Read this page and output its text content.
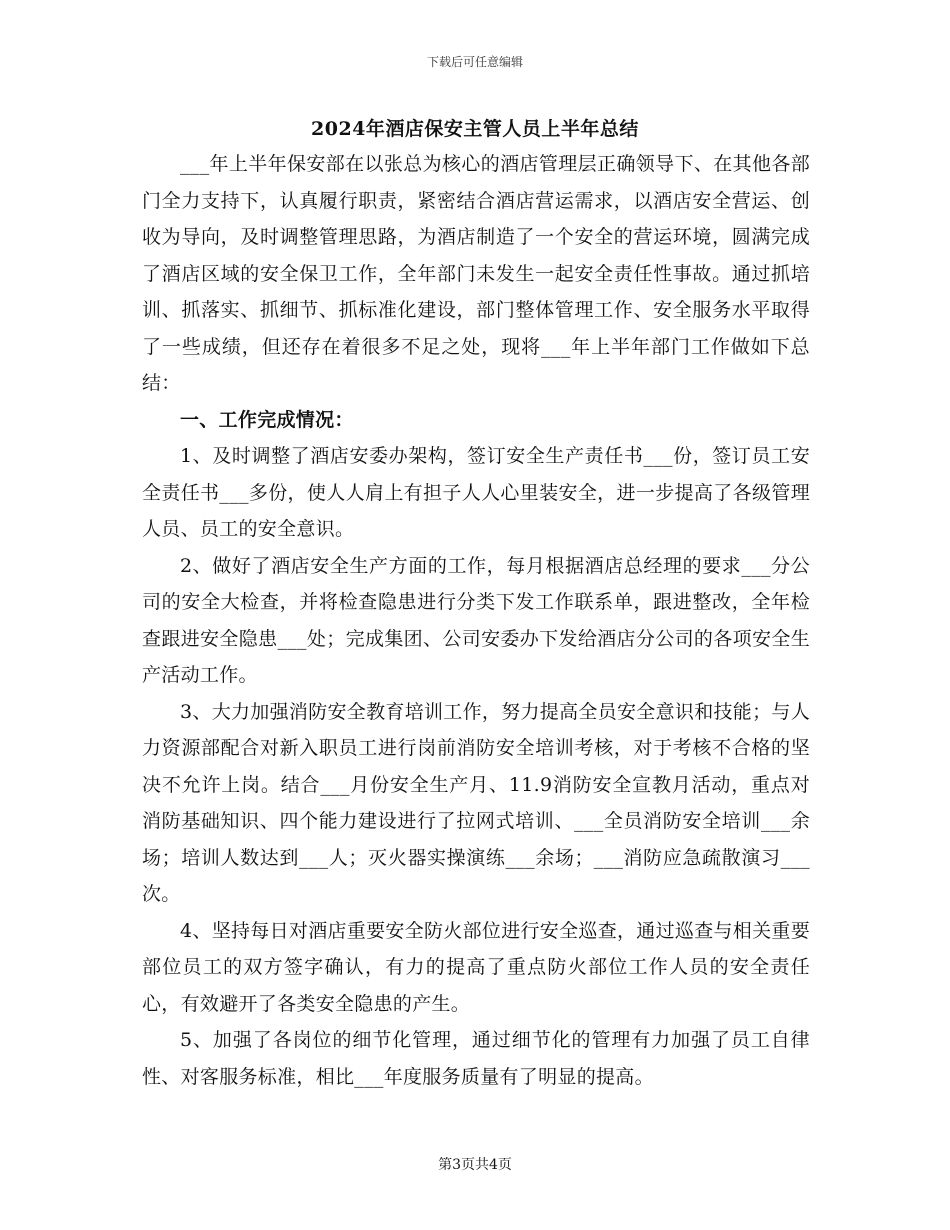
下载后可任意编辑
2024年酒店保安主管人员上半年总结

___年上半年保安部在以张总为核心的酒店管理层正确领导下、在其他各部门全力支持下，认真履行职责，紧密结合酒店营运需求，以酒店安全营运、创收为导向，及时调整管理思路，为酒店制造了一个安全的营运环境，圆满完成了酒店区域的安全保卫工作，全年部门未发生一起安全责任性事故。通过抓培训、抓落实、抓细节、抓标准化建设，部门整体管理工作、安全服务水平取得了一些成绩，但还存在着很多不足之处，现将___年上半年部门工作做如下总结：

一、工作完成情况：

1、及时调整了酒店安委办架构，签订安全生产责任书___份，签订员工安全责任书___多份，使人人肩上有担子人人心里装安全，进一步提高了各级管理人员、员工的安全意识。

2、做好了酒店安全生产方面的工作，每月根据酒店总经理的要求___分公司的安全大检查，并将检查隐患进行分类下发工作联系单，跟进整改，全年检查跟进安全隐患___处；完成集团、公司安委办下发给酒店分公司的各项安全生产活动工作。

3、大力加强消防安全教育培训工作，努力提高全员安全意识和技能；与人力资源部配合对新入职员工进行岗前消防安全培训考核，对于考核不合格的坚决不允许上岗。结合___月份安全生产月、11.9消防安全宣教月活动，重点对消防基础知识、四个能力建设进行了拉网式培训、___全员消防安全培训___余场；培训人数达到___人；灭火器实操演练___余场；___消防应急疏散演习___次。

4、坚持每日对酒店重要安全防火部位进行安全巡查，通过巡查与相关重要部位员工的双方签字确认，有力的提高了重点防火部位工作人员的安全责任心，有效避开了各类安全隐患的产生。

5、加强了各岗位的细节化管理，通过细节化的管理有力加强了员工自律性、对客服务标准，相比___年度服务质量有了明显的提高。

第3页共4页
